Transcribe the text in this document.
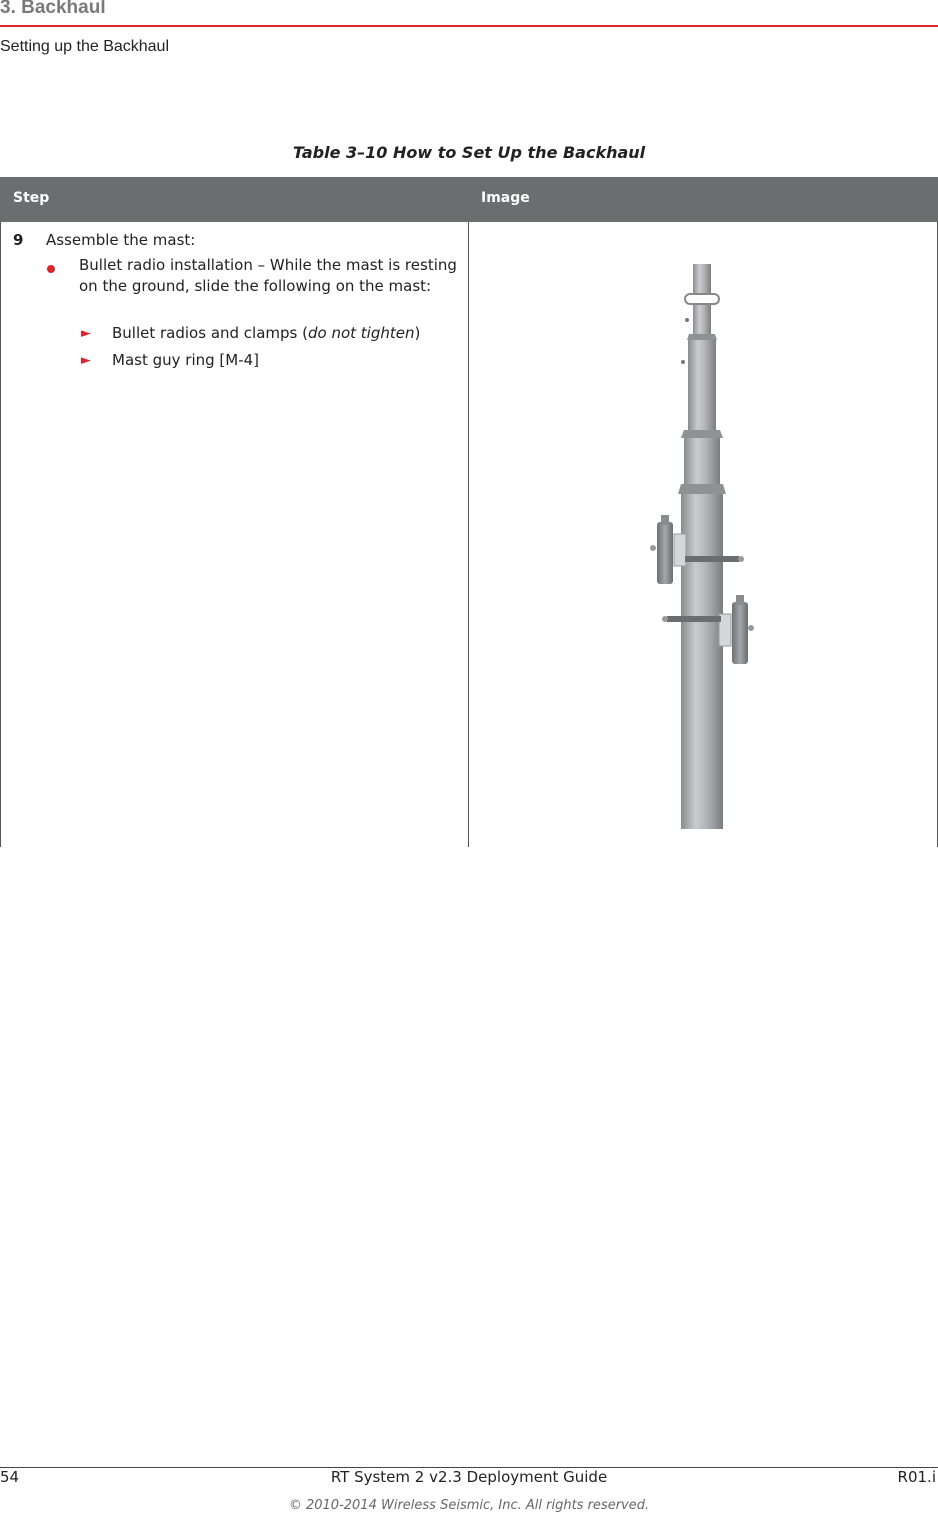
3. Backhaul
Setting up the Backhaul
Table 3–10 How to Set Up the Backhaul
Step	Image
9 Assemble the mast:
Bullet radio installation – While the mast is resting on the ground, slide the following on the mast:
► Bullet radios and clamps (do not tighten)
► Mast guy ring [M-4]
54	RT System 2 v2.3 Deployment Guide	R01.i
© 2010-2014 Wireless Seismic, Inc. All rights reserved.
